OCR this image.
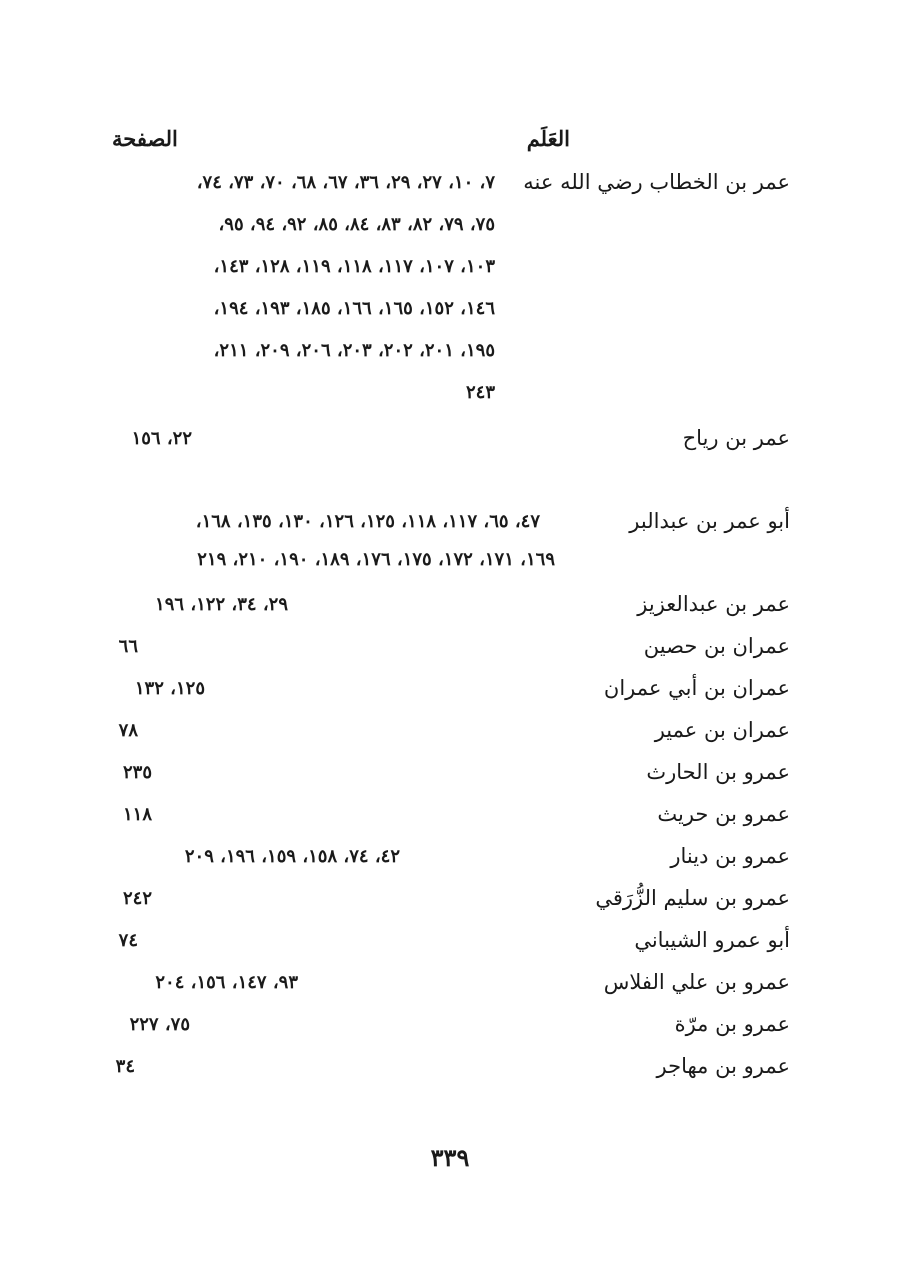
العَلَم
الصفحة
عمر بن الخطاب رضي الله عنه
٧، ١٠، ٢٧، ٢٩، ٣٦، ٦٧، ٦٨، ٧٠، ٧٣، ٧٤،
٧٥، ٧٩، ٨٢، ٨٣، ٨٤، ٨٥، ٩٢، ٩٤، ٩٥،
١٠٣، ١٠٧، ١١٧، ١١٨، ١١٩، ١٢٨، ١٤٣،
١٤٦، ١٥٢، ١٦٥، ١٦٦، ١٨٥، ١٩٣، ١٩٤،
١٩٥، ٢٠١، ٢٠٢، ٢٠٣، ٢٠٦، ٢٠٩، ٢١١،
٢٤٣
عمر بن رياح
٢٢، ١٥٦
أبو عمر بن عبدالبر
٤٧، ٦٥، ١١٧، ١١٨، ١٢٥، ١٢٦، ١٣٠، ١٣٥، ١٦٨،
١٦٩، ١٧١، ١٧٢، ١٧٥، ١٧٦، ١٨٩، ١٩٠، ٢١٠، ٢١٩
عمر بن عبدالعزيز
٢٩، ٣٤، ١٢٢، ١٩٦
عمران بن حصين
٦٦
عمران بن أبي عمران
١٢٥، ١٣٢
عمران بن عمير
٧٨
عمرو بن الحارث
٢٣٥
عمرو بن حريث
١١٨
عمرو بن دينار
٤٢، ٧٤، ١٥٨، ١٥٩، ١٩٦، ٢٠٩
عمرو بن سليم الزُّرَقي
٢٤٢
أبو عمرو الشيباني
٧٤
عمرو بن علي الفلاس
٩٣، ١٤٧، ١٥٦، ٢٠٤
عمرو بن مرّة
٧٥، ٢٢٧
عمرو بن مهاجر
٣٤
٣٣٩
